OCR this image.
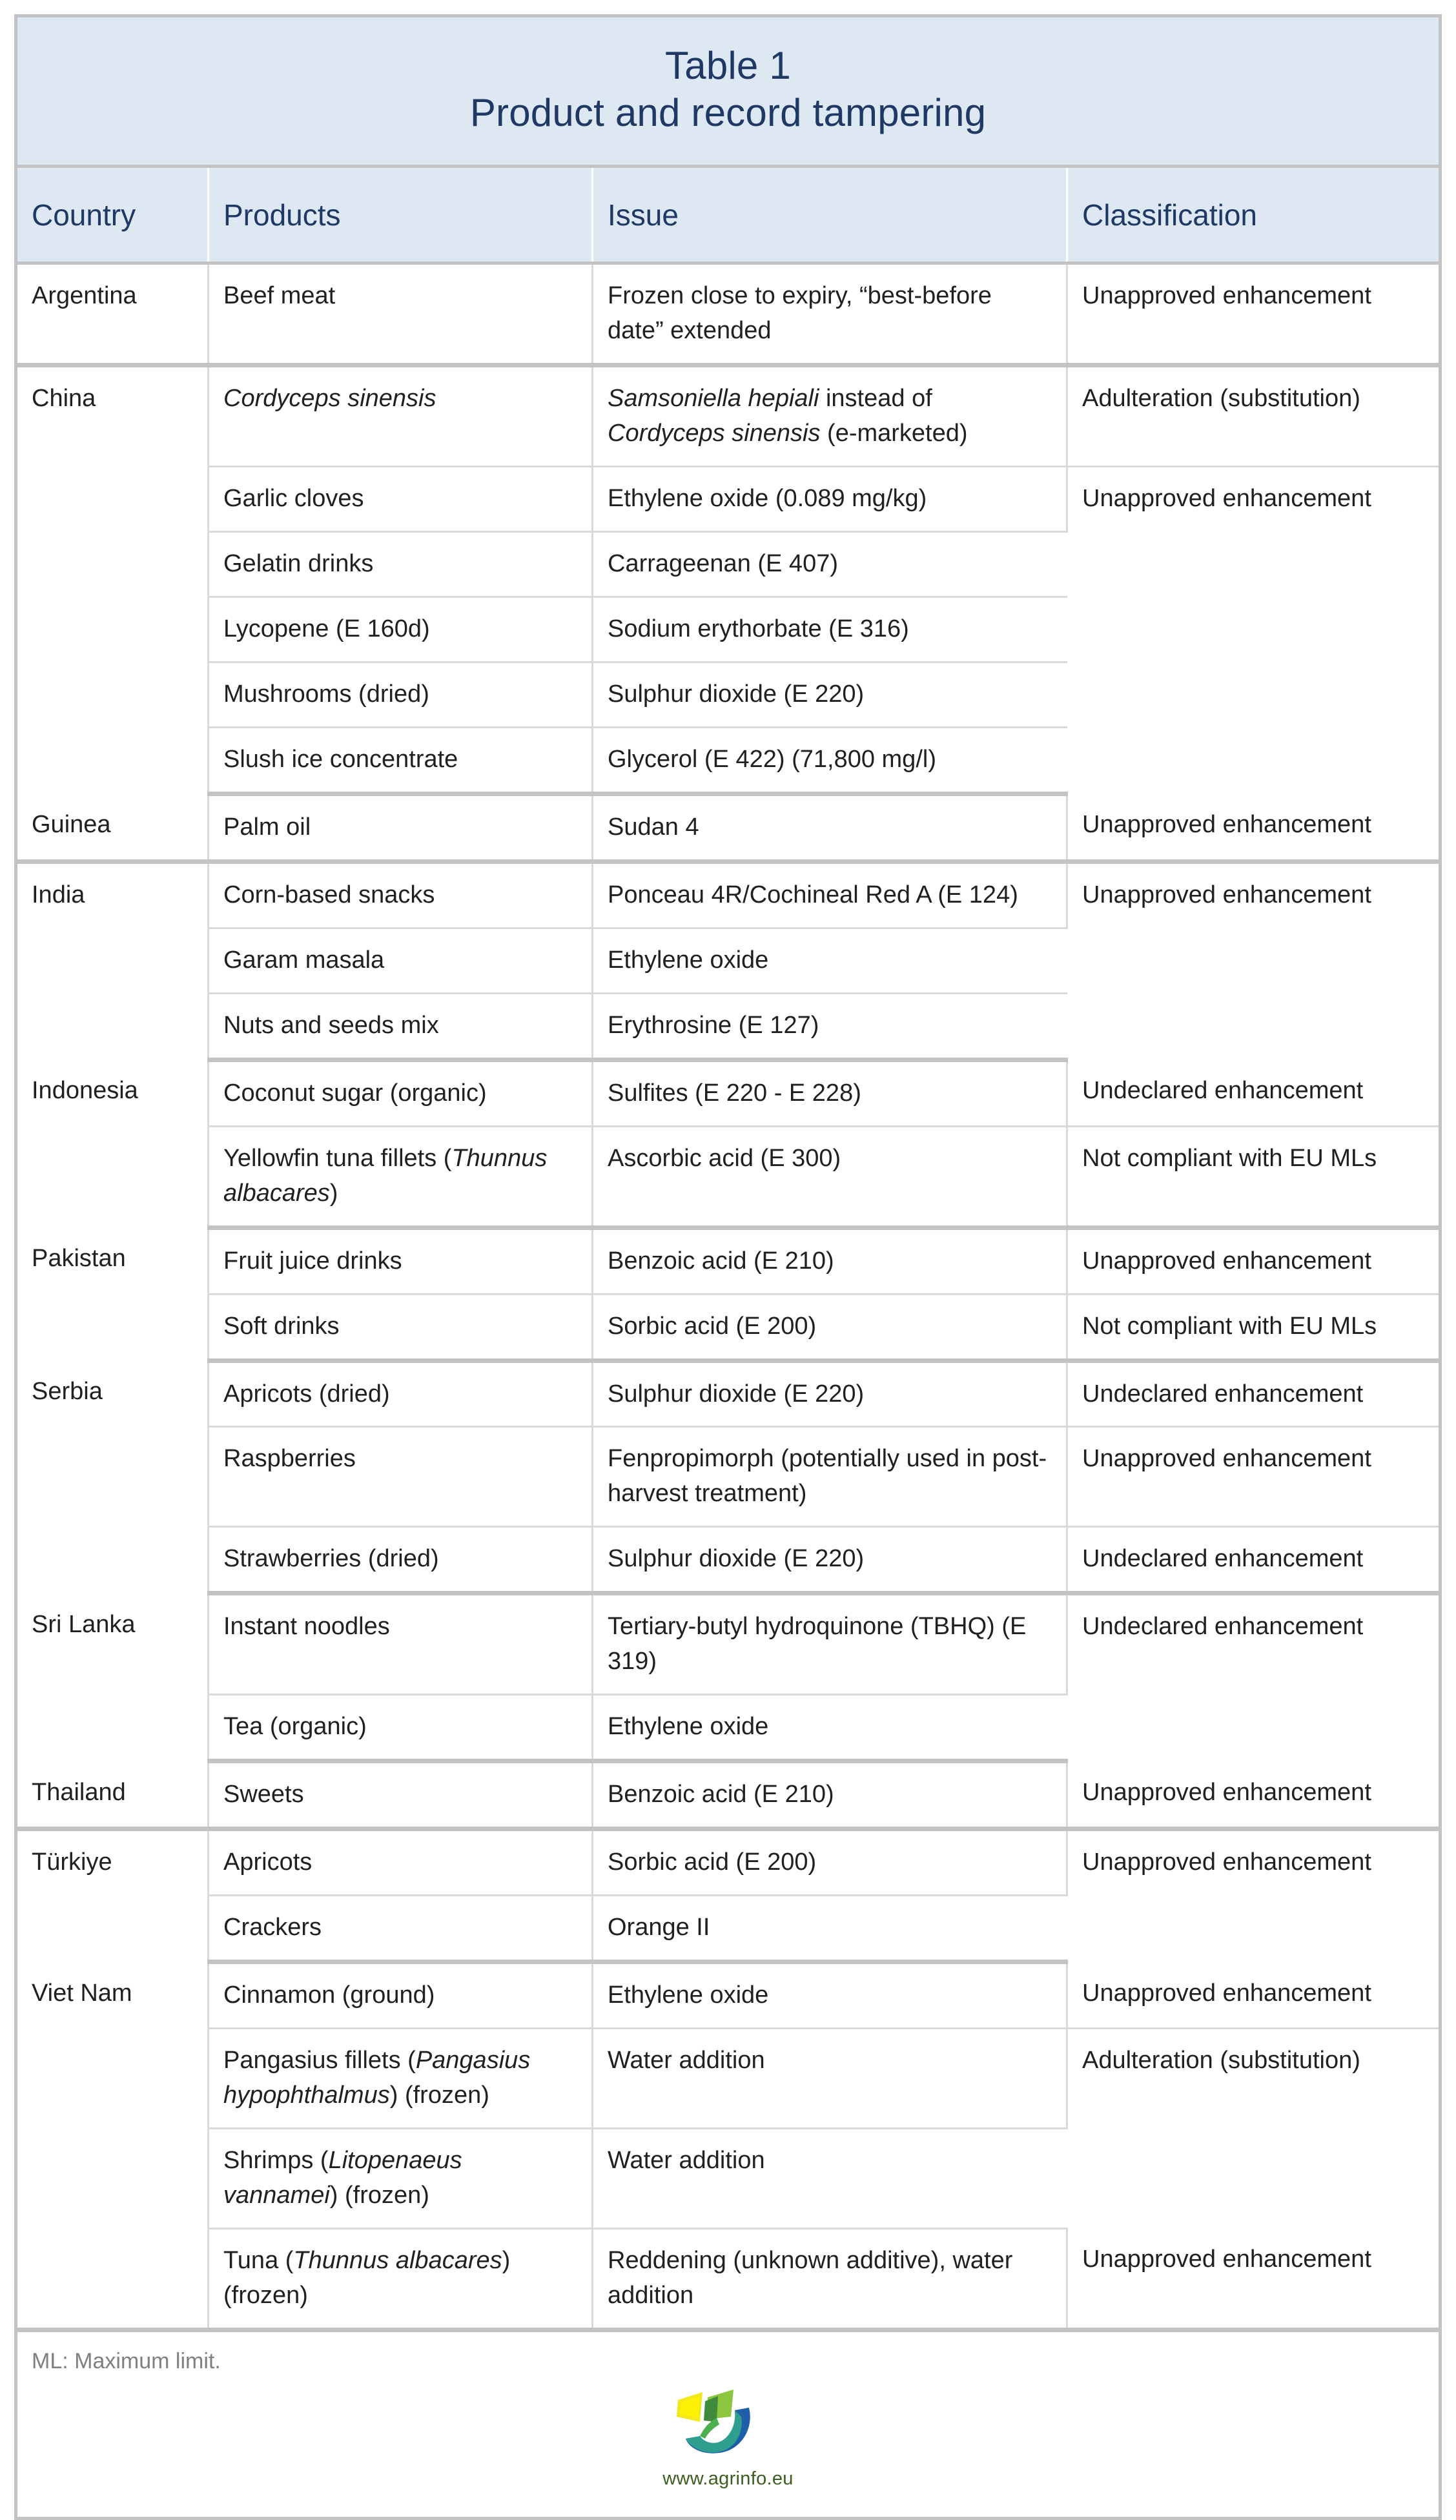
Table 1
Product and record tampering			

Country	Products	Issue	Classification
Argentina	Beef meat	Frozen close to expiry, “best-before date” extended	Unapproved enhancement
China	Cordyceps sinensis	Samsoniella hepiali instead of Cordyceps sinensis (e-marketed)	Adulteration (substitution)
	Garlic cloves	Ethylene oxide (0.089 mg/kg)	Unapproved enhancement
	Gelatin drinks	Carrageenan (E 407)	
	Lycopene (E 160d)	Sodium erythorbate (E 316)	
	Mushrooms (dried)	Sulphur dioxide (E 220)	
	Slush ice concentrate	Glycerol (E 422) (71,800 mg/l)	
Guinea	Palm oil	Sudan 4	Unapproved enhancement
India	Corn-based snacks	Ponceau 4R/Cochineal Red A (E 124)	Unapproved enhancement
	Garam masala	Ethylene oxide	
	Nuts and seeds mix	Erythrosine (E 127)	
Indonesia	Coconut sugar (organic)	Sulfites (E 220 - E 228)	Undeclared enhancement
	Yellowfin tuna fillets (Thunnus albacares)	Ascorbic acid (E 300)	Not compliant with EU MLs
Pakistan	Fruit juice drinks	Benzoic acid (E 210)	Unapproved enhancement
	Soft drinks	Sorbic acid (E 200)	Not compliant with EU MLs
Serbia	Apricots (dried)	Sulphur dioxide (E 220)	Undeclared enhancement
	Raspberries	Fenpropimorph (potentially used in post-harvest treatment)	Unapproved enhancement
	Strawberries (dried)	Sulphur dioxide (E 220)	Undeclared enhancement
Sri Lanka	Instant noodles	Tertiary-butyl hydroquinone (TBHQ) (E 319)	Undeclared enhancement
	Tea (organic)	Ethylene oxide	
Thailand	Sweets	Benzoic acid (E 210)	Unapproved enhancement
Türkiye	Apricots	Sorbic acid (E 200)	Unapproved enhancement
	Crackers	Orange II	
Viet Nam	Cinnamon (ground)	Ethylene oxide	Unapproved enhancement
	Pangasius fillets (Pangasius hypophthalmus) (frozen)	Water addition	Adulteration (substitution)
	Shrimps (Litopenaeus vannamei) (frozen)	Water addition	
	Tuna (Thunnus albacares) (frozen)	Reddening (unknown additive), water addition	Unapproved enhancement

ML: Maximum limit.
www.agrinfo.eu			
